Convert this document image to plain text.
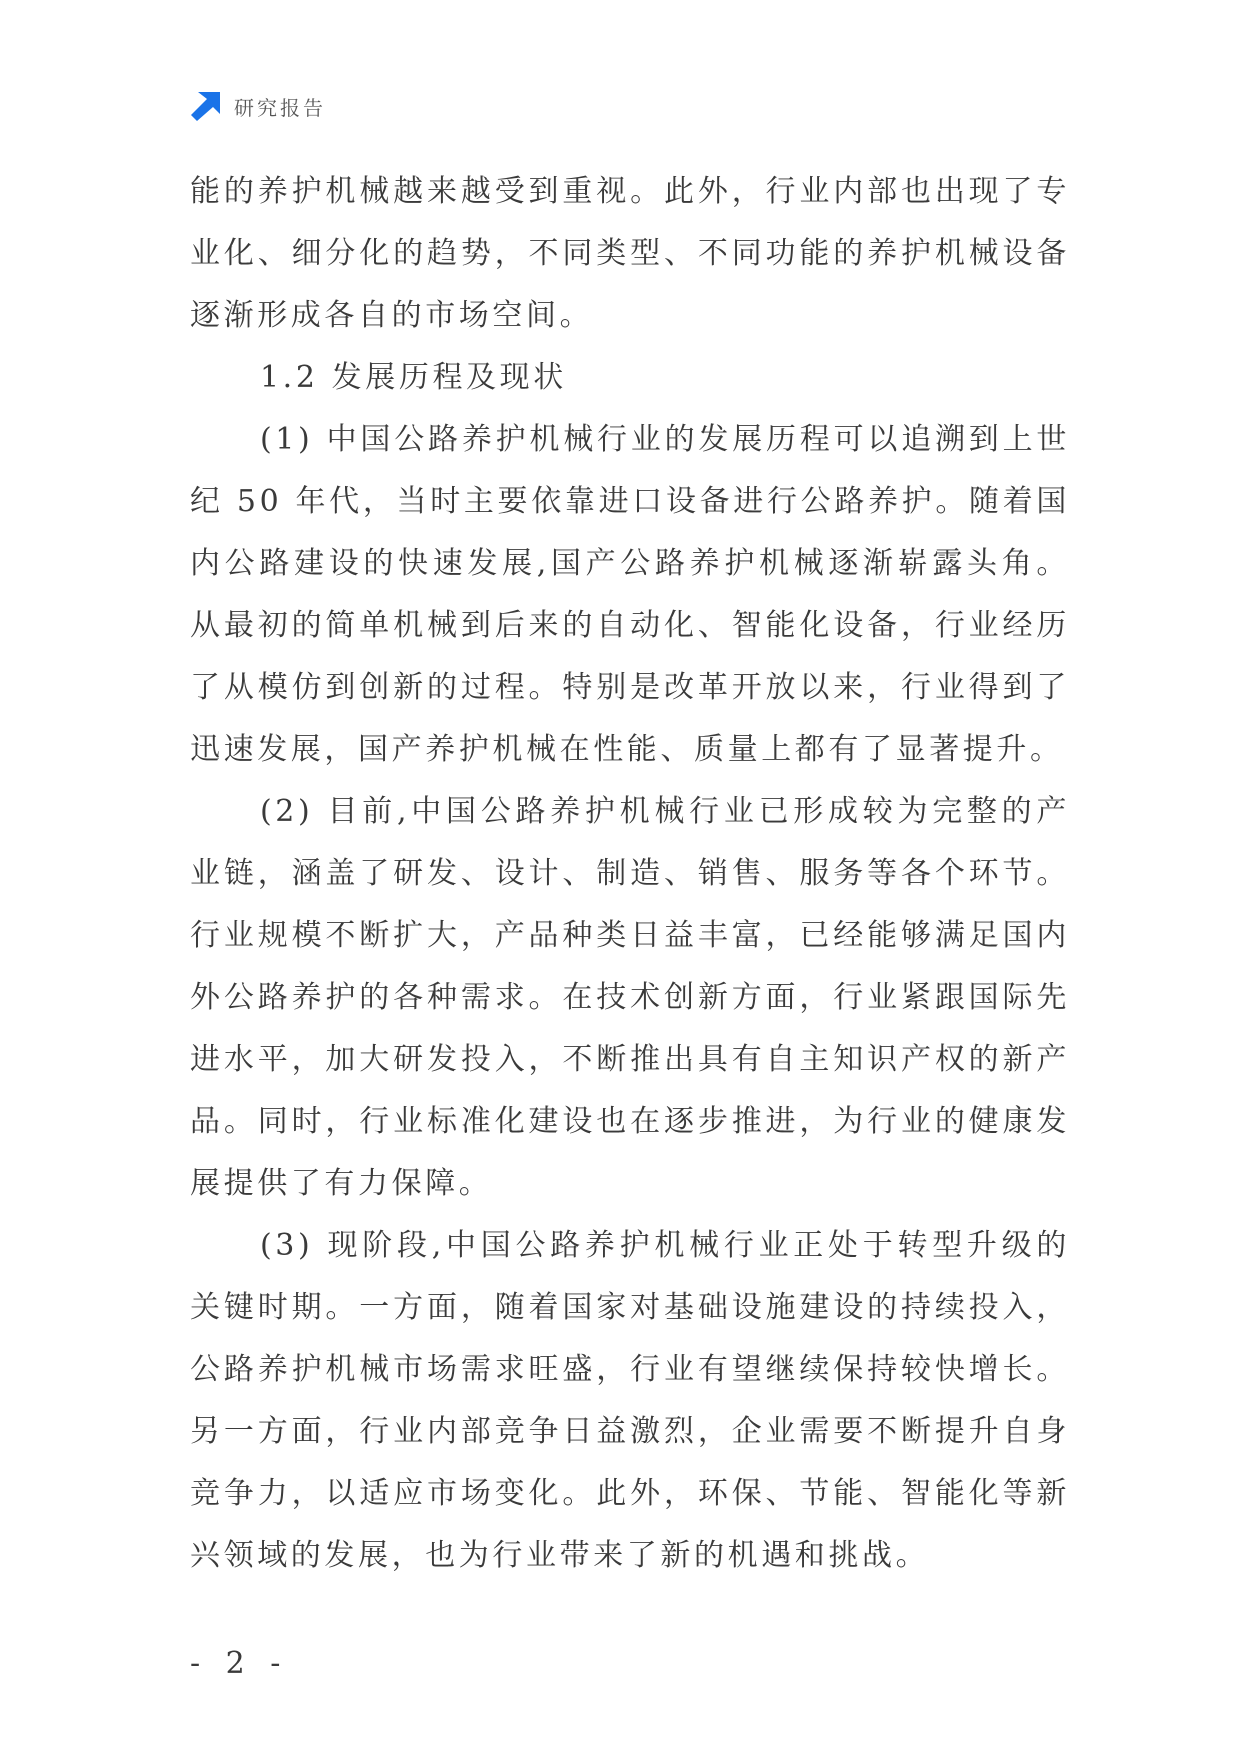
研究报告

能的养护机械越来越受到重视。此外，行业内部也出现了专业化、细分化的趋势，不同类型、不同功能的养护机械设备逐渐形成各自的市场空间。

1.2 发展历程及现状

(1) 中国公路养护机械行业的发展历程可以追溯到上世纪 50 年代，当时主要依靠进口设备进行公路养护。随着国内公路建设的快速发展,国产公路养护机械逐渐崭露头角。从最初的简单机械到后来的自动化、智能化设备，行业经历了从模仿到创新的过程。特别是改革开放以来，行业得到了迅速发展，国产养护机械在性能、质量上都有了显著提升。

(2) 目前,中国公路养护机械行业已形成较为完整的产业链，涵盖了研发、设计、制造、销售、服务等各个环节。行业规模不断扩大，产品种类日益丰富，已经能够满足国内外公路养护的各种需求。在技术创新方面，行业紧跟国际先进水平，加大研发投入，不断推出具有自主知识产权的新产品。同时，行业标准化建设也在逐步推进，为行业的健康发展提供了有力保障。

(3) 现阶段,中国公路养护机械行业正处于转型升级的关键时期。一方面，随着国家对基础设施建设的持续投入，公路养护机械市场需求旺盛，行业有望继续保持较快增长。另一方面，行业内部竞争日益激烈，企业需要不断提升自身竞争力，以适应市场变化。此外，环保、节能、智能化等新兴领域的发展，也为行业带来了新的机遇和挑战。

- 2 -
